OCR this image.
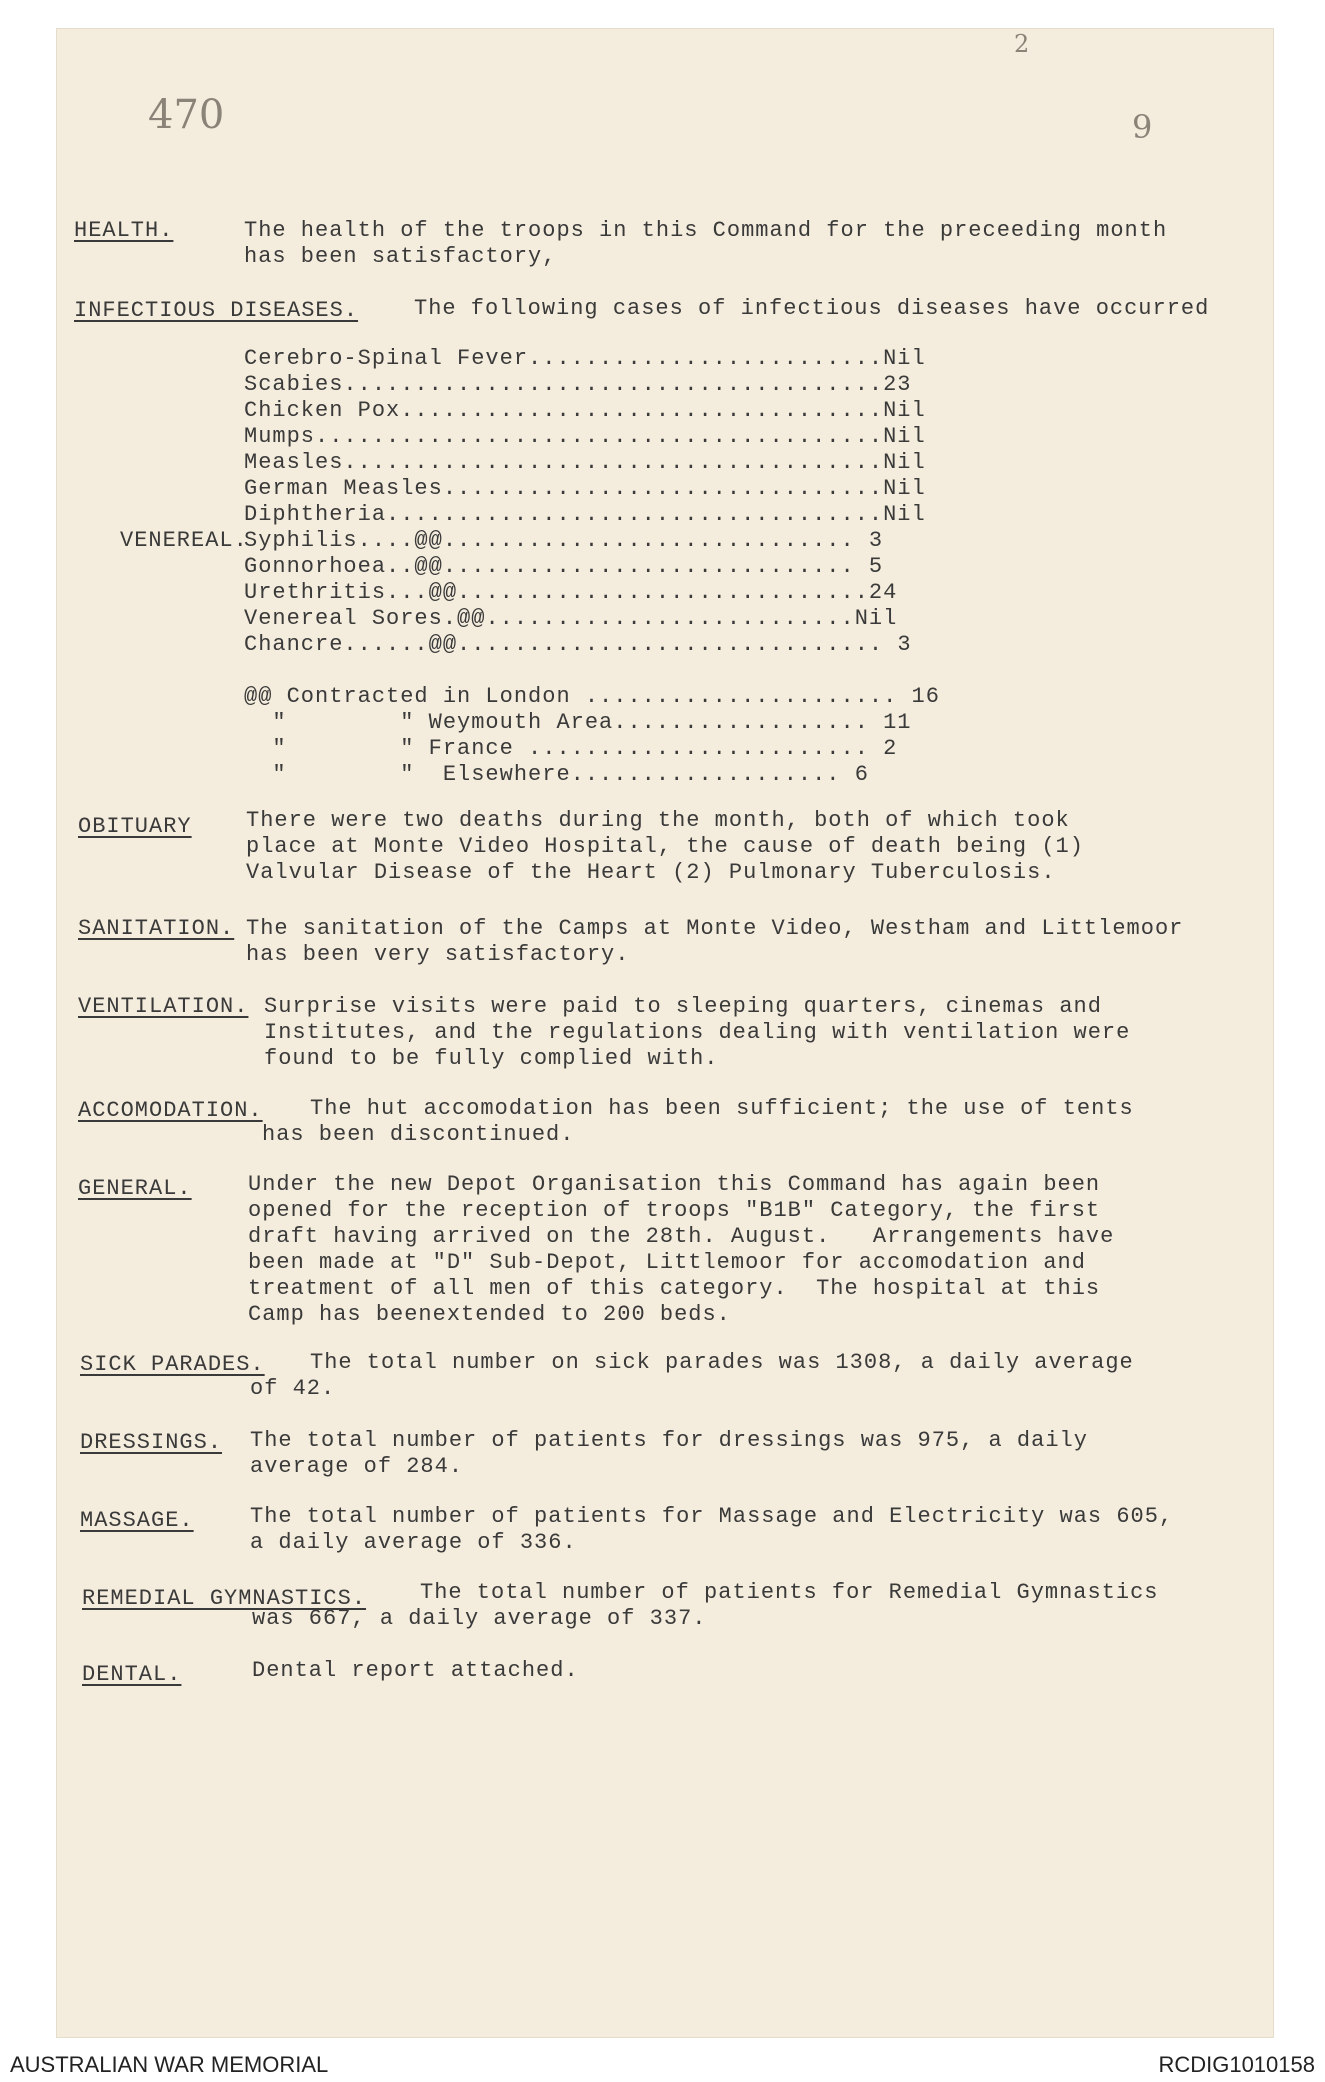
470	9
2
HEALTH.	The health of the troops in this Command for the preceeding month
has been satisfactory,
INFECTIOUS DISEASES.	The following cases of infectious diseases have occurred
VENEREAL.
Cerebro-Spinal Fever.........................Nil
Scabies......................................23
Chicken Pox..................................Nil
Mumps........................................Nil
Measles......................................Nil
German Measles...............................Nil
Diphtheria...................................Nil
Syphilis....@@............................. 3
Gonnorhoea..@@............................. 5
Urethritis...@@.............................24
Venereal Sores.@@..........................Nil
Chancre......@@.............................. 3
@@ Contracted in London ...................... 16
"        " Weymouth Area.................. 11
"        " France ........................ 2
"        "  Elsewhere................... 6
OBITUARY There were two deaths during the month, both of which took
place at Monte Video Hospital, the cause of death being (1)
Valvular Disease of the Heart (2) Pulmonary Tuberculosis.
SANITATION. The sanitation of the Camps at Monte Video, Westham and Littlemoor
has been very satisfactory.
VENTILATION. Surprise visits were paid to sleeping quarters, cinemas and
Institutes, and the regulations dealing with ventilation were
found to be fully complied with.
ACCOMODATION. The hut accomodation has been sufficient; the use of tents
has been discontinued.
GENERAL.	Under the new Depot Organisation this Command has again been
opened for the reception of troops "B1B" Category, the first
draft having arrived on the 28th. August.   Arrangements have
been made at "D" Sub-Depot, Littlemoor for accomodation and
treatment of all men of this category.  The hospital at this
Camp has beenextended to 200 beds.
SICK PARADES. The total number on sick parades was 1308, a daily average
of 42.
DRESSINGS. The total number of patients for dressings was 975, a daily
average of 284.
MASSAGE.	The total number of patients for Massage and Electricity was 605,
a daily average of 336.
REMEDIAL GYMNASTICS. The total number of patients for Remedial Gymnastics
was 667, a daily average of 337.
DENTAL.	Dental report attached.
AUSTRALIAN WAR MEMORIAL	RCDIG1010158
